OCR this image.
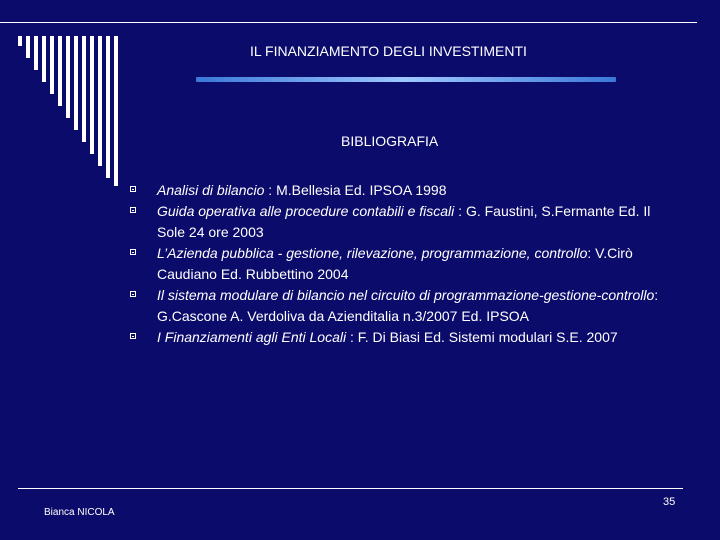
IL FINANZIAMENTO DEGLI INVESTIMENTI
BIBLIOGRAFIA
Analisi di bilancio : M.Bellesia Ed. IPSOA 1998
Guida operativa alle procedure contabili e fiscali : G. Faustini, S.Fermante Ed. Il Sole 24 ore 2003
L’Azienda pubblica - gestione, rilevazione, programmazione, controllo: V.Cirò Caudiano Ed. Rubbettino 2004
Il sistema modulare di bilancio nel circuito di programmazione-gestione-controllo: G.Cascone A. Verdoliva da Azienditalia n.3/2007 Ed. IPSOA
I Finanziamenti agli Enti Locali : F. Di Biasi Ed. Sistemi modulari S.E. 2007
Bianca NICOLA
35
